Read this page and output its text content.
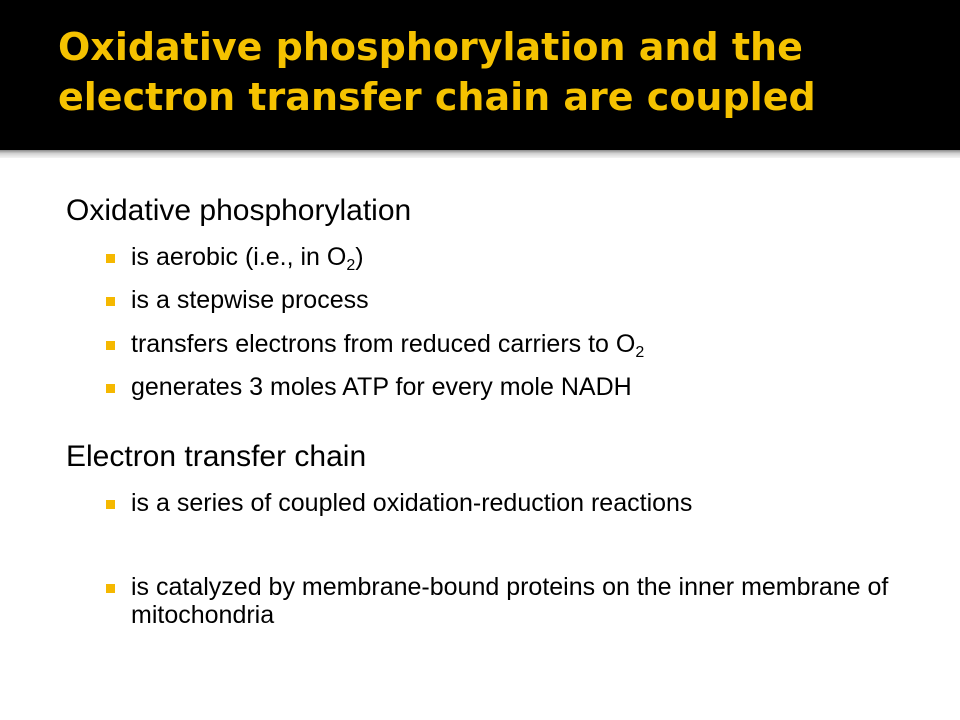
Oxidative phosphorylation and the electron transfer chain are coupled

Oxidative phosphorylation

is aerobic (i.e., in $O_2$)
is a stepwise process
transfers electrons from reduced carriers to $O_2$
generates 3 moles ATP for every mole NADH

Electron transfer chain

is a series of coupled oxidation-reduction reactions
is catalyzed by membrane-bound proteins on the inner membrane of mitochondria
